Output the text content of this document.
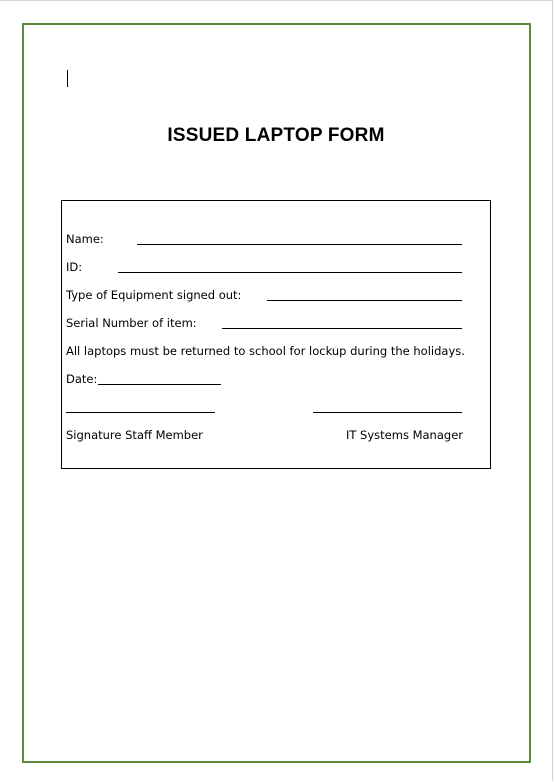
ISSUED LAPTOP FORM
Name:
ID:
Type of Equipment signed out:
Serial Number of item:
All laptops must be returned to school for lockup during the holidays.
Date:
Signature Staff Member	IT Systems Manager
